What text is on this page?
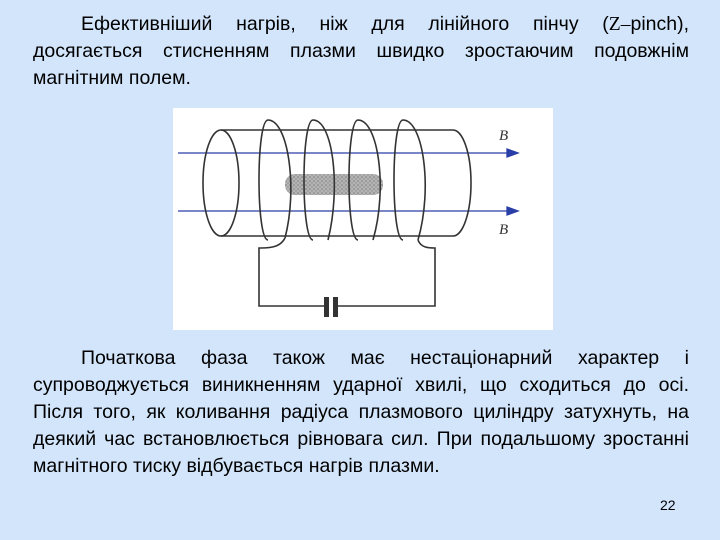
Ефективніший нагрів, ніж для лінійного пінчу (Z–pinch), досягається стисненням плазми швидко зростаючим подовжнім магнітним полем.
B
B
Початкова фаза також має нестаціонарний характер і супроводжується виникненням ударної хвилі, що сходиться до осі. Після того, як коливання радіуса плазмового циліндру затухнуть, на деякий час встановлюється рівновага сил. При подальшому зростанні магнітного тиску відбувається нагрів плазми.
22
